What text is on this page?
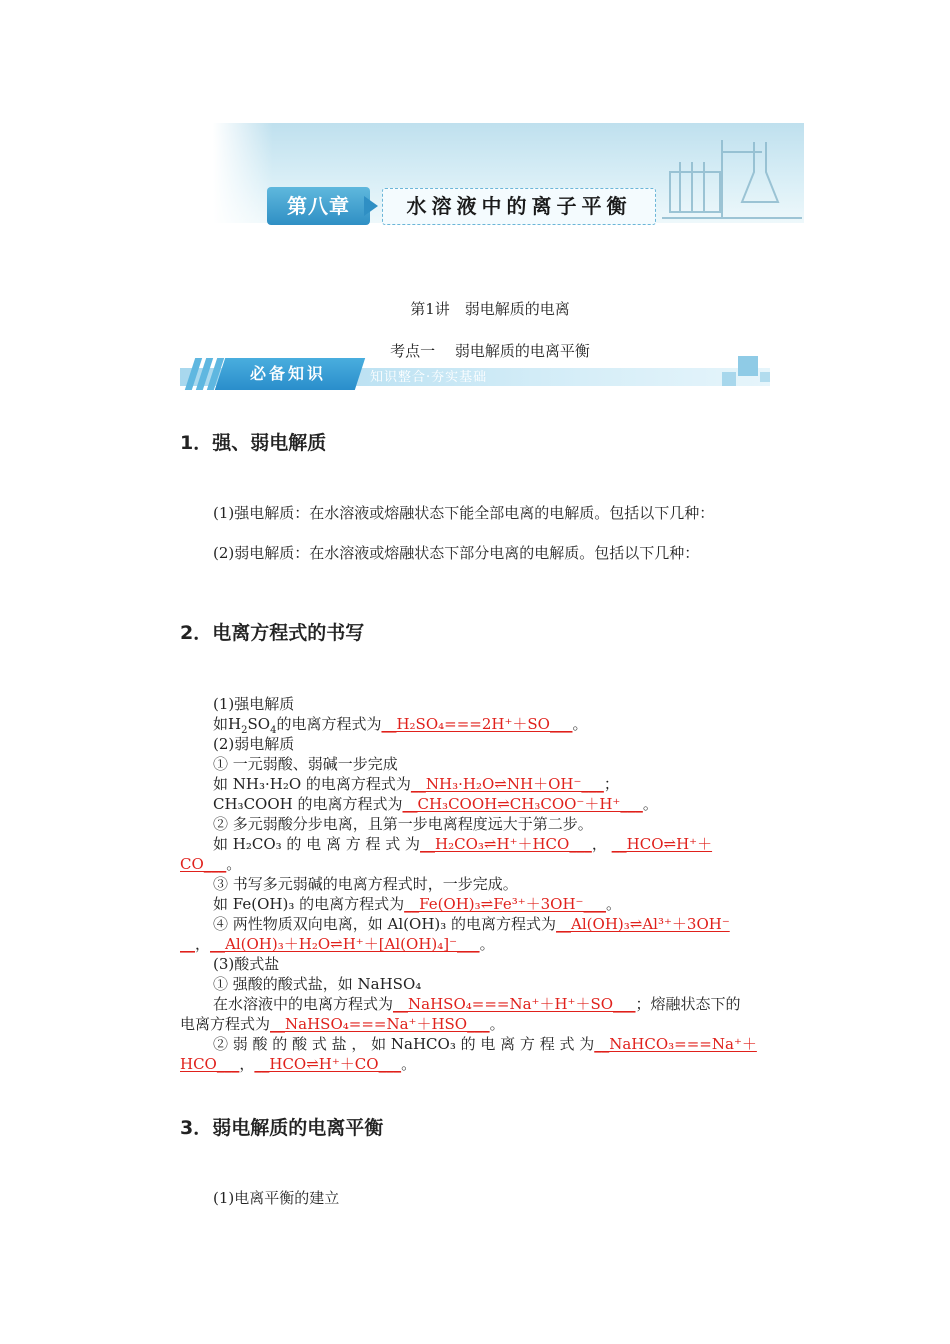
第八章	水溶液中的离子平衡
第1讲　弱电解质的电离
考点一　 弱电解质的电离平衡
必备知识	知识整合·夯实基础
1．强、弱电解质
(1)强电解质：在水溶液或熔融状态下能全部电离的电解质。包括以下几种：
(2)弱电解质：在水溶液或熔融状态下部分电离的电解质。包括以下几种：
2．电离方程式的书写
(1)强电解质
如$H_2SO_4$的电离方程式为__H₂SO₄===2H⁺＋SO___。
(2)弱电解质
① 一元弱酸、弱碱一步完成
如 NH₃·H₂O 的电离方程式为__NH₃·H₂O⇌NH＋OH⁻___；
CH₃COOH 的电离方程式为__CH₃COOH⇌CH₃COO⁻＋H⁺___。
② 多元弱酸分步电离，且第一步电离程度远大于第二步。
如 H₂CO₃ 的 电 离 方 程 式 为__H₂CO₃⇌H⁺＋HCO___， __HCO⇌H⁺＋
CO___。
③ 书写多元弱碱的电离方程式时，一步完成。
如 Fe(OH)₃ 的电离方程式为__Fe(OH)₃⇌Fe³⁺＋3OH⁻___。
④ 两性物质双向电离，如 Al(OH)₃ 的电离方程式为__Al(OH)₃⇌Al³⁺＋3OH⁻
__，__Al(OH)₃＋H₂O⇌H⁺＋[Al(OH)₄]⁻___。
(3)酸式盐
① 强酸的酸式盐，如 NaHSO₄
在水溶液中的电离方程式为__NaHSO₄===Na⁺＋H⁺＋SO___；熔融状态下的
电离方程式为__NaHSO₄===Na⁺＋HSO___。
② 弱 酸 的 酸 式 盐 ， 如 NaHCO₃ 的 电 离 方 程 式 为__NaHCO₃===Na⁺＋
HCO___，__HCO⇌H⁺＋CO___。
3．弱电解质的电离平衡
(1)电离平衡的建立
